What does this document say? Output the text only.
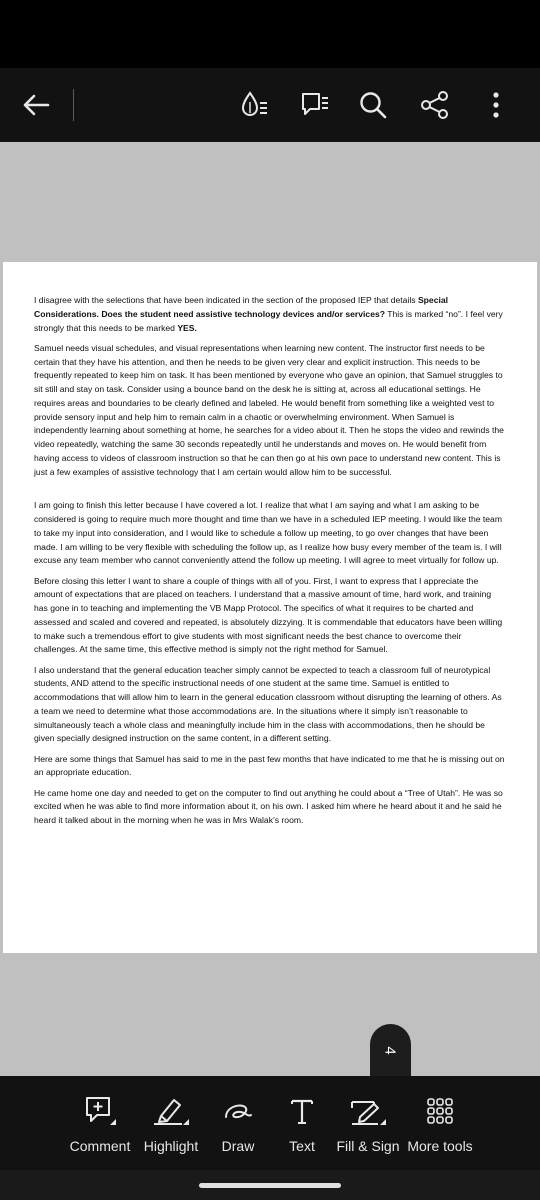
I disagree with the selections that have been indicated in the section of the proposed IEP that details Special Considerations. Does the student need assistive technology devices and/or services? This is marked “no”. I feel very strongly that this needs to be marked YES.

Samuel needs visual schedules, and visual representations when learning new content. The instructor first needs to be certain that they have his attention, and then he needs to be given very clear and explicit instruction. This needs to be frequently repeated to keep him on task. It has been mentioned by everyone who gave an opinion, that Samuel struggles to sit still and stay on task. Consider using a bounce band on the desk he is sitting at, across all educational settings. He requires areas and boundaries to be clearly defined and labeled. He would benefit from something like a weighted vest to provide sensory input and help him to remain calm in a chaotic or overwhelming environment. When Samuel is independently learning about something at home, he searches for a video about it. Then he stops the video and rewinds the video repeatedly, watching the same 30 seconds repeatedly until he understands and moves on. He would benefit from having access to videos of classroom instruction so that he can then go at his own pace to understand new content. This is just a few examples of assistive technology that I am certain would allow him to be successful.

I am going to finish this letter because I have covered a lot. I realize that what I am saying and what I am asking to be considered is going to require much more thought and time than we have in a scheduled IEP meeting. I would like the team to take my input into consideration, and I would like to schedule a follow up meeting, to go over changes that have been made. I am willing to be very flexible with scheduling the follow up, as I realize how busy every member of the team is. I will excuse any team member who cannot conveniently attend the follow up meeting. I will agree to meet virtually for follow up.

Before closing this letter I want to share a couple of things with all of you. First, I want to express that I appreciate the amount of expectations that are placed on teachers. I understand that a massive amount of time, hard work, and training has gone in to teaching and implementing the VB Mapp Protocol. The specifics of what it requires to be charted and assessed and scaled and covered and repeated, is absolutely dizzying. It is commendable that educators have been willing to make such a tremendous effort to give students with most significant needs the best chance to overcome their challenges. At the same time, this effective method is simply not the right method for Samuel.

I also understand that the general education teacher simply cannot be expected to teach a classroom full of neurotypical students, AND attend to the specific instructional needs of one student at the same time. Samuel is entitled to accommodations that will allow him to learn in the general education classroom without disrupting the learning of others. As a team we need to determine what those accommodations are. In the situations where it simply isn’t reasonable to simultaneously teach a whole class and meaningfully include him in the class with accommodations, then he should be given specially designed instruction on the same content, in a different setting.

Here are some things that Samuel has said to me in the past few months that have indicated to me that he is missing out on an appropriate education.

He came home one day and needed to get on the computer to find out anything he could about a “Tree of Utah”. He was so excited when he was able to find more information about it, on his own. I asked him where he heard about it and he said he heard it talked about in the morning when he was in Mrs Walak’s room.

4
Comment Highlight Draw Text Fill & Sign More tools
